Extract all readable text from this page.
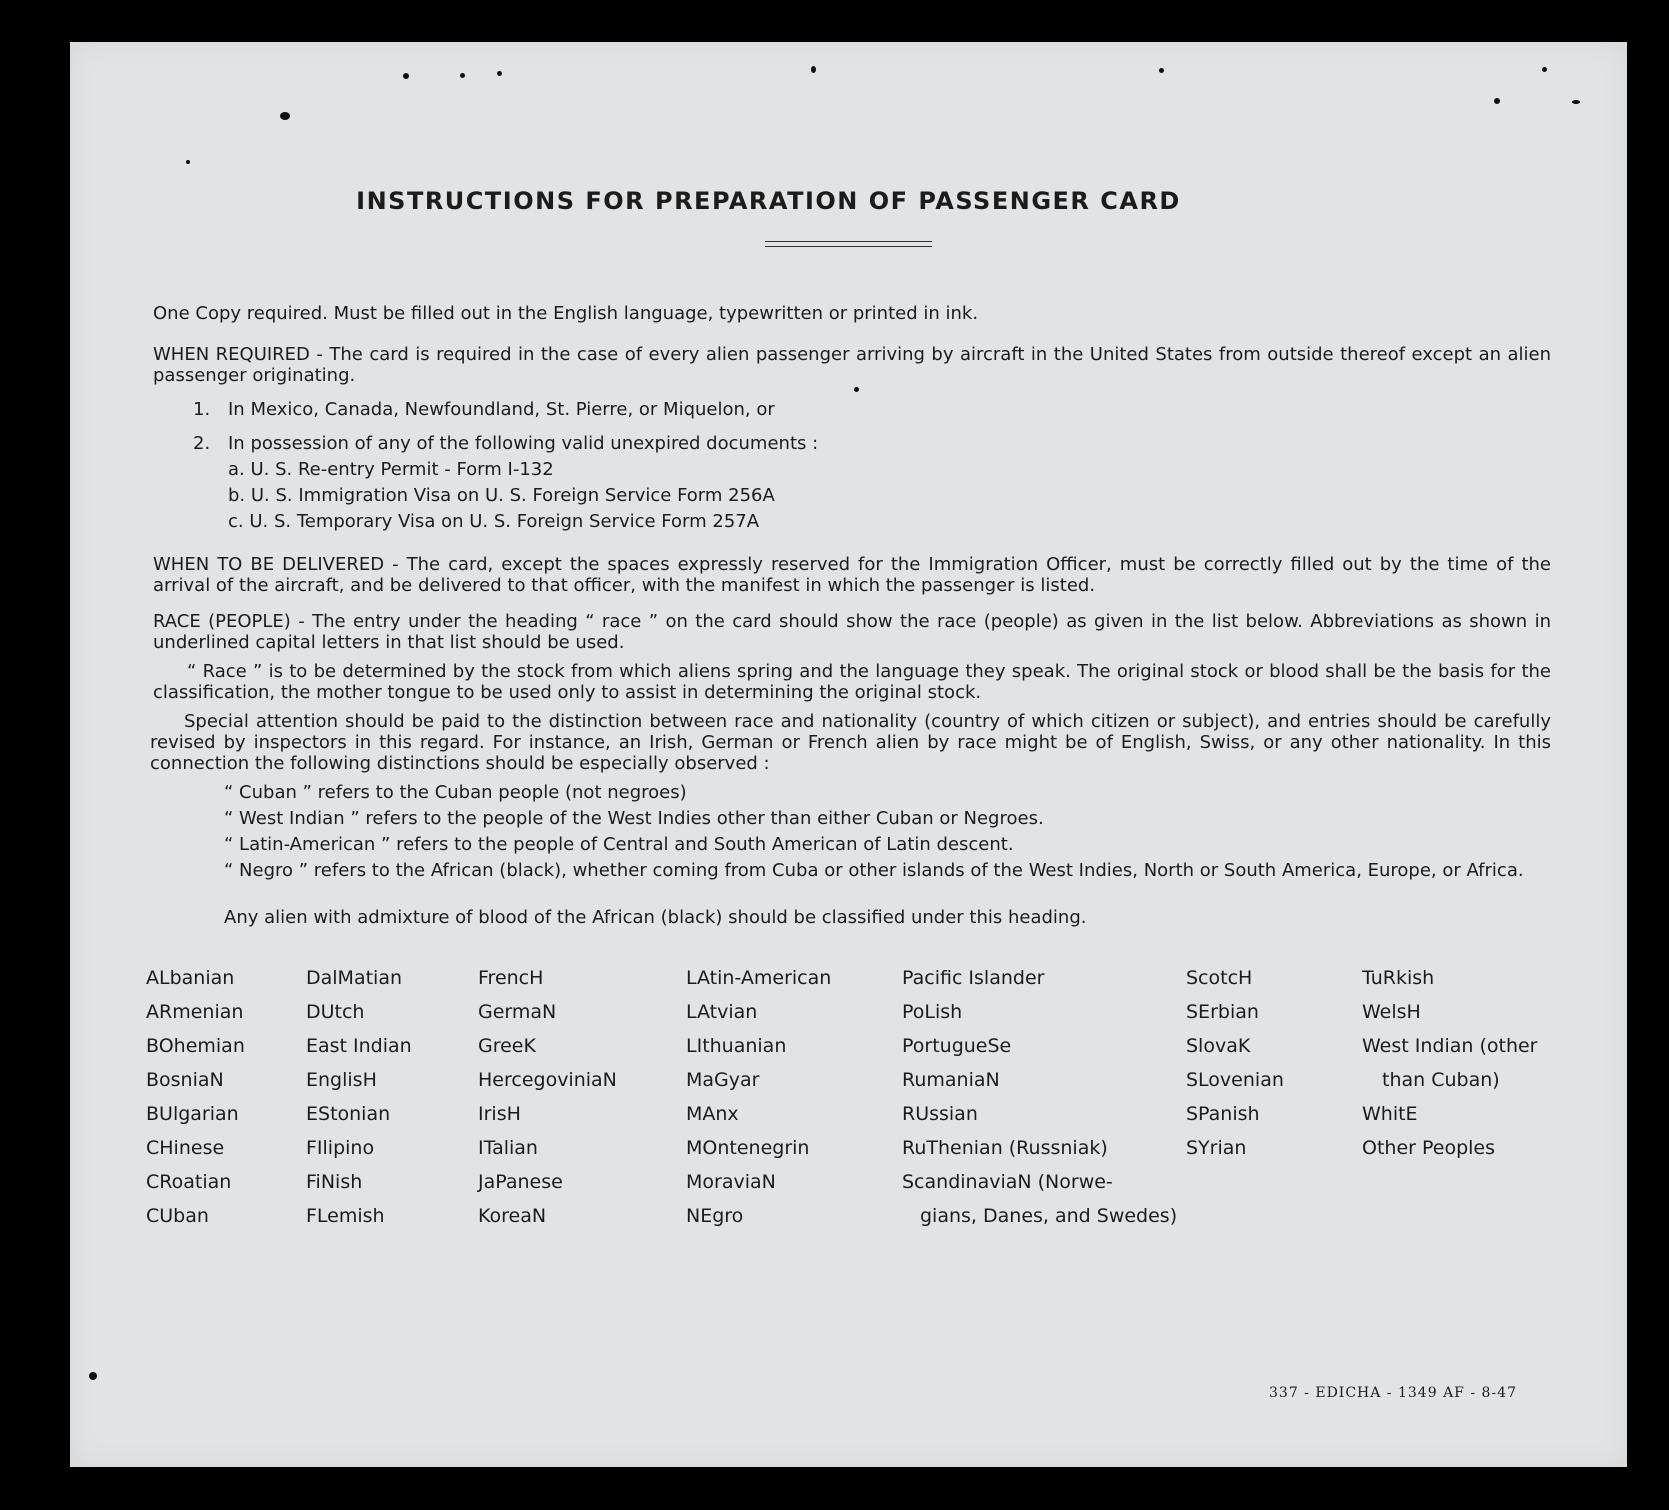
INSTRUCTIONS FOR PREPARATION OF PASSENGER CARD
One Copy required. Must be filled out in the English language, typewritten or printed in ink.
WHEN REQUIRED - The card is required in the case of every alien passenger arriving by aircraft in the United States from outside thereof except an alien passenger originating.
1. In Mexico, Canada, Newfoundland, St. Pierre, or Miquelon, or
2. In possession of any of the following valid unexpired documents :
a. U. S. Re-entry Permit - Form I-132
b. U. S. Immigration Visa on U. S. Foreign Service Form 256A
c. U. S. Temporary Visa on U. S. Foreign Service Form 257A
WHEN TO BE DELIVERED - The card, except the spaces expressly reserved for the Immigration Officer, must be correctly filled out by the time of the arrival of the aircraft, and be delivered to that officer, with the manifest in which the passenger is listed.
RACE (PEOPLE) - The entry under the heading “ race ” on the card should show the race (people) as given in the list below. Abbreviations as shown in underlined capital letters in that list should be used.
“ Race ” is to be determined by the stock from which aliens spring and the language they speak. The original stock or blood shall be the basis for the classification, the mother tongue to be used only to assist in determining the original stock.
Special attention should be paid to the distinction between race and nationality (country of which citizen or subject), and entries should be carefully revised by inspectors in this regard. For instance, an Irish, German or French alien by race might be of English, Swiss, or any other nationality. In this connection the following distinctions should be especially observed :
“ Cuban ” refers to the Cuban people (not negroes)
“ West Indian ” refers to the people of the West Indies other than either Cuban or Negroes.
“ Latin-American ” refers to the people of Central and South American of Latin descent.
“ Negro ” refers to the African (black), whether coming from Cuba or other islands of the West Indies, North or South America, Europe, or Africa.
Any alien with admixture of blood of the African (black) should be classified under this heading.
ALbanian
ARmenian
BOhemian
BosniaN
BUlgarian
CHinese
CRoatian
CUban
DalMatian
DUtch
East Indian
EnglisH
EStonian
FIlipino
FiNish
FLemish
FrencH
GermaN
GreeK
HercegoviniaN
IrisH
ITalian
JaPanese
KoreaN
LAtin-American
LAtvian
LIthuanian
MaGyar
MAnx
MOntenegrin
MoraviaN
NEgro
Pacific Islander
PoLish
PortugueSe
RumaniaN
RUssian
RuThenian (Russniak)
ScandinaviaN (Norwe-
gians, Danes, and Swedes)
ScotcH
SErbian
SlovaK
SLovenian
SPanish
SYrian
TuRkish
WelsH
West Indian (other
than Cuban)
WhitE
Other Peoples
337 - EDICHA - 1349 AF - 8-47
